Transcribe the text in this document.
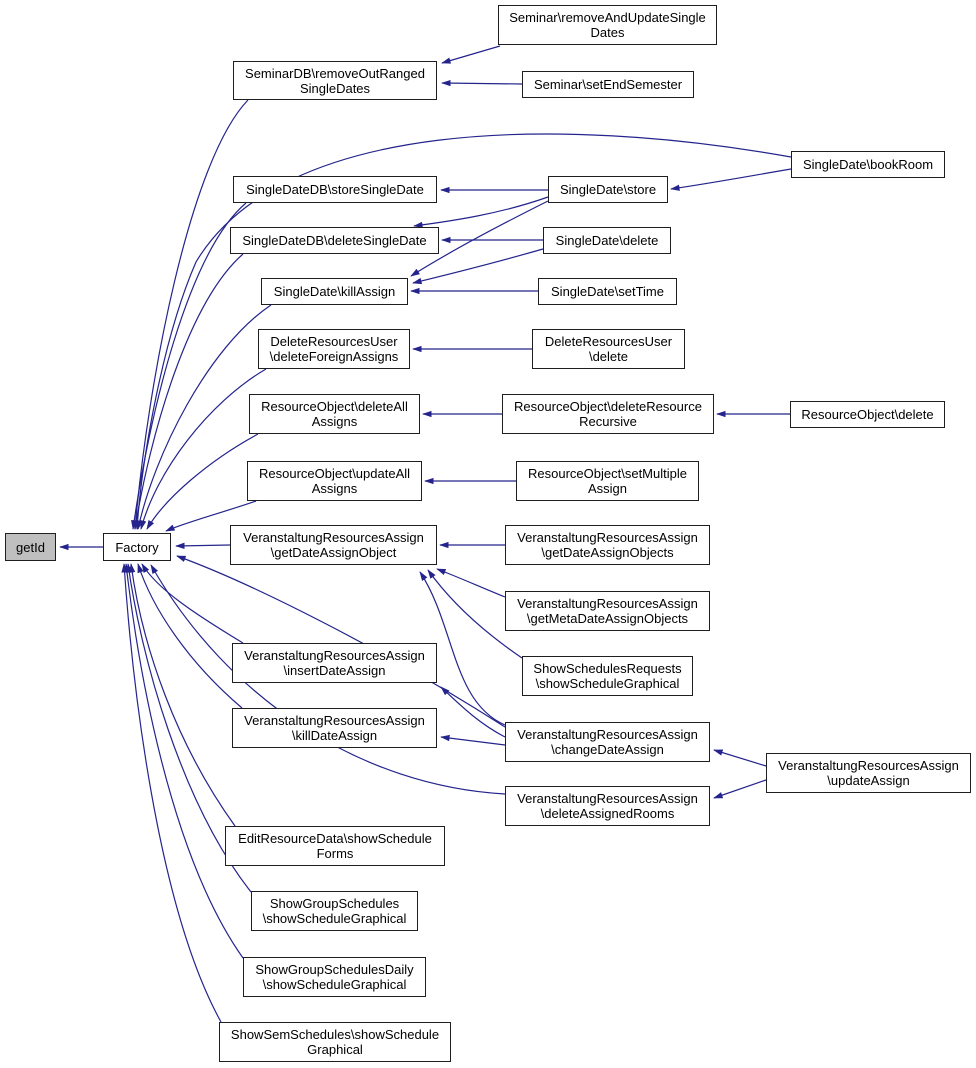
getId	Factory
SeminarDB\removeOutRanged
SingleDates
Seminar\removeAndUpdateSingle
Dates
Seminar\setEndSemester
SingleDateDB\storeSingleDate	SingleDate\store
SingleDate\bookRoom
SingleDateDB\deleteSingleDate	SingleDate\delete
SingleDate\killAssign	SingleDate\setTime
DeleteResourcesUser
\deleteForeignAssigns
DeleteResourcesUser
\delete
ResourceObject\deleteAll
Assigns
ResourceObject\deleteResource
Recursive	ResourceObject\delete
ResourceObject\updateAll
Assigns
ResourceObject\setMultiple
Assign
VeranstaltungResourcesAssign
\getDateAssignObject
VeranstaltungResourcesAssign
\getDateAssignObjects
VeranstaltungResourcesAssign
\getMetaDateAssignObjects
ShowSchedulesRequests
\showScheduleGraphical
VeranstaltungResourcesAssign
\insertDateAssign
VeranstaltungResourcesAssign
\killDateAssign	VeranstaltungResourcesAssign
\changeDateAssign
VeranstaltungResourcesAssign
\updateAssign
VeranstaltungResourcesAssign
\deleteAssignedRooms
EditResourceData\showSchedule
Forms
ShowGroupSchedules
\showScheduleGraphical
ShowGroupSchedulesDaily
\showScheduleGraphical
ShowSemSchedules\showSchedule
Graphical
